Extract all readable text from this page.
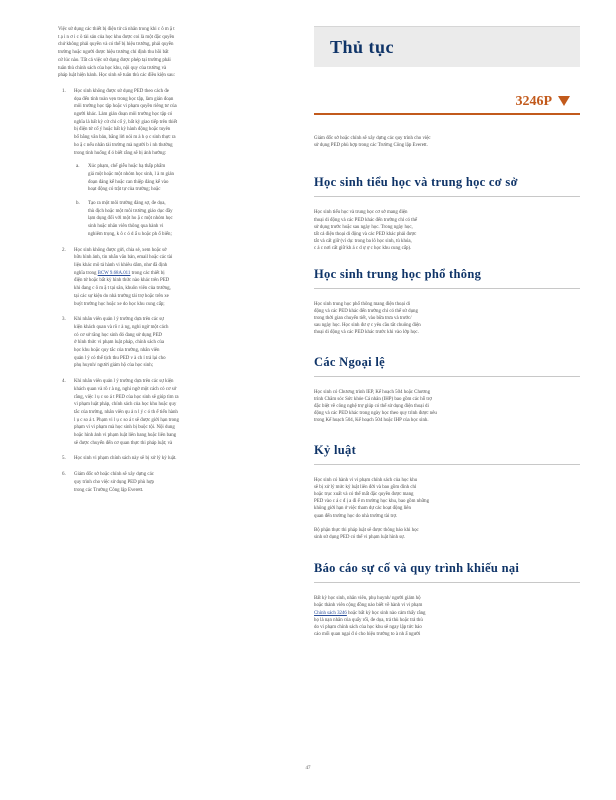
Việc sử dụng các thiết bị điện tử cá nhân trong khi c ô m ặ t

t ạ i n ơ i c ô tài sản của học khu được coi là một đặc quyền

chứ không phải quyền và có thể bị hiệu trưởng, phái quyền

trường hoặc người được hiệu trưởng chỉ định thu hồi bất

cứ lúc nào. Tất cả việc sử dụng được phép tại trường phải

tuân thủ chính sách của học khu, nội quy của trường và

pháp luật hiện hành. Học sinh sẽ tuân thủ các điều kiện sau:

1. Học sinh không được sử dụng PED theo cách đe

dọa đến tính toàn vẹn trong học tập, làm gián đoạn

môi trường học tập hoặc vi phạm quyền riêng tư của

người khác. Làm gián đoạn môi trường học tập có

nghĩa là bất kỳ cử chỉ cố ý, bất kỳ giao tiếp trên thiết

bị điện tử cố ý hoặc bất kỳ hành động hoặc tuyên

bố bằng văn bản, bằng lời nói m à h ọ c sinh thực ra

ho ặ c nếu nhân tài trường mà người b i nh thường

trong tình huống đ ó biết rằng sẽ bị ảnh hưởng:

a. Xúc phạm, chế giễu hoặc hạ thấp phẩm

giá một hoặc một nhóm học sinh, l à m gián

đoạn đáng kể hoặc can thiệp đáng kể vào

hoạt động có trật tự của trường; hoặc

b. Tạo ra một môi trường đáng sợ, đe dọa,

thù địch hoặc một môi trường giáo dục đầy

lạm dụng đối với một ho ặ c một nhóm học

sinh hoặc nhân viên thông qua hành vi

nghiêm trọng, k ô c ó d ấ u hoặc ph ổ biến;

2. Học sinh không được gửi, chia sẻ, xem hoặc sở

hữu hình ảnh, tin nhắn văn bản, email hoặc các tài

liệu khác mô tả hành vi khiêu dâm, như đã định

nghĩa trong BCW 9.68A.011 trong các thiết bị

điện tử hoặc bất kỳ hình thức nào khác trên PED

khi đang c ô m ặ t tại sân, khuôn viên của trường,

tại các sự kiện do nhà trường tài trợ hoặc trên xe

buýt trường học hoặc xe do học khu cung cấp;

3. Khi nhân viên quản l ý trường dựa trên các sự

kiện khách quan và rõ r à ng, nghi ngờ một cách

có cơ sở rằng học sinh đó đang sử dụng PED

ở hình thức vi phạm luật pháp, chính sách của

học khu hoặc quy tắc của trường, nhân viên

quản l ý có thể tịch thu PED v à ch ỉ trả lại cho

phụ huynh/ người giám hộ của học sinh;

4. Khi nhân viên quản l ý trường dựa trên các sự kiện

khách quan và rõ r à ng, nghi ngờ một cách có cơ sở

rằng, việc l ụ c so á t PED của học sinh sẽ giúp tìm ra

vi phạm luật pháp, chính sách của học khu hoặc quy

tắc của trường, nhân viên qu ả n l ý c ó th ể tiến hành

l ụ c so á t. Phạm vi l ụ c so á t sẽ được giới hạn trong

phạm vi vi phạm mà học sinh bị buộc tội. Nội dung

hoặc hình ảnh vi phạm luật liên bang hoặc liên bang

sẽ được chuyển đến cơ quan thực thi pháp luật; và

5. Học sinh vi phạm chính sách này sẽ bị xử lý kỷ luật.

6. Giám đốc sở hoặc chính sẽ xây dựng các

quy trình cho việc sử dụng PED phù hợp

trong các Trường Công lập Everett.

Thủ tục
3246P

Giám đốc sở hoặc chính sẽ xây dựng các quy trình cho việc

sử dụng PED phù hợp trong các Trường Công lập Everett.

Học sinh tiểu học và trung học cơ sở

Học sinh tiểu học và trung học cơ sở mang điện

thoại di động và các PED khác đến trường chỉ có thể

sử dụng trước hoặc sau ngày học. Trong ngày học,

tất cả điện thoại di động và các PED khác phải được

tắt và cất giữ (ví dụ: trong ba lô học sinh, tủ khóa,

c á c nơi cất giữ kh á c d ự ợ c học khu cung cấp).

Học sinh trung học phổ thông

Học sinh trung học phổ thông mang điện thoại di

động và các PED khác đến trường chỉ có thể sử dụng

trong thời gian chuyển tiết, vào bữa trưa và trước/

sau ngày học. Học sinh đư ợ c yêu cầu tắt chuông điện

thoại di động và các PED khác trước khi vào lớp học.

Các Ngoại lệ

Học sinh có Chương trình IEP, Kế hoạch 504 hoặc Chương

trình Chăm sóc Sức khỏe Cá nhân (IHP) bao gồm các hỗ trợ

đặc biệt về công nghệ trợ giúp có thể sử dụng điện thoại di

động và các PED khác trong ngày học theo quy trình được nêu

trong Kế hoạch 504, Kế hoạch 504 hoặc IHP của học sinh.

Kỷ luật

Học sinh có hành vi vi phạm chính sách của học khu

sẽ bị xử lý mức kỷ luật liên đới và bao gồm đình chỉ

hoặc trục xuất và có thể mất đặc quyền được mang

PED vào c á c đ ị a đi ể m trường học khu, bao gồm những

không giới hạn ở việc tham dự các hoạt động liên

quan đến trường học do nhà trường tài trợ.

Bộ phận thực thi pháp luật sẽ được thông báo khi học

sinh sử dụng PED có thể vi phạm luật hình sự.

Báo cáo sự cố và quy trình khiếu nại

Bất kỳ học sinh, nhân viên, phụ huynh/ người giám hộ

hoặc thành viên cộng đồng nào biết về hành vi vi phạm

Chính sách 3246 hoặc bất kỳ học sinh nào cảm thấy rằng

họ là nạn nhân của quấy rối, đe dọa, trả thù hoặc trả thù

do vi phạm chính sách của học khu sẽ ngay lập tức báo

cáo mối quan ngại đ ó cho hiệu trưởng to à nh ẩ người

47
